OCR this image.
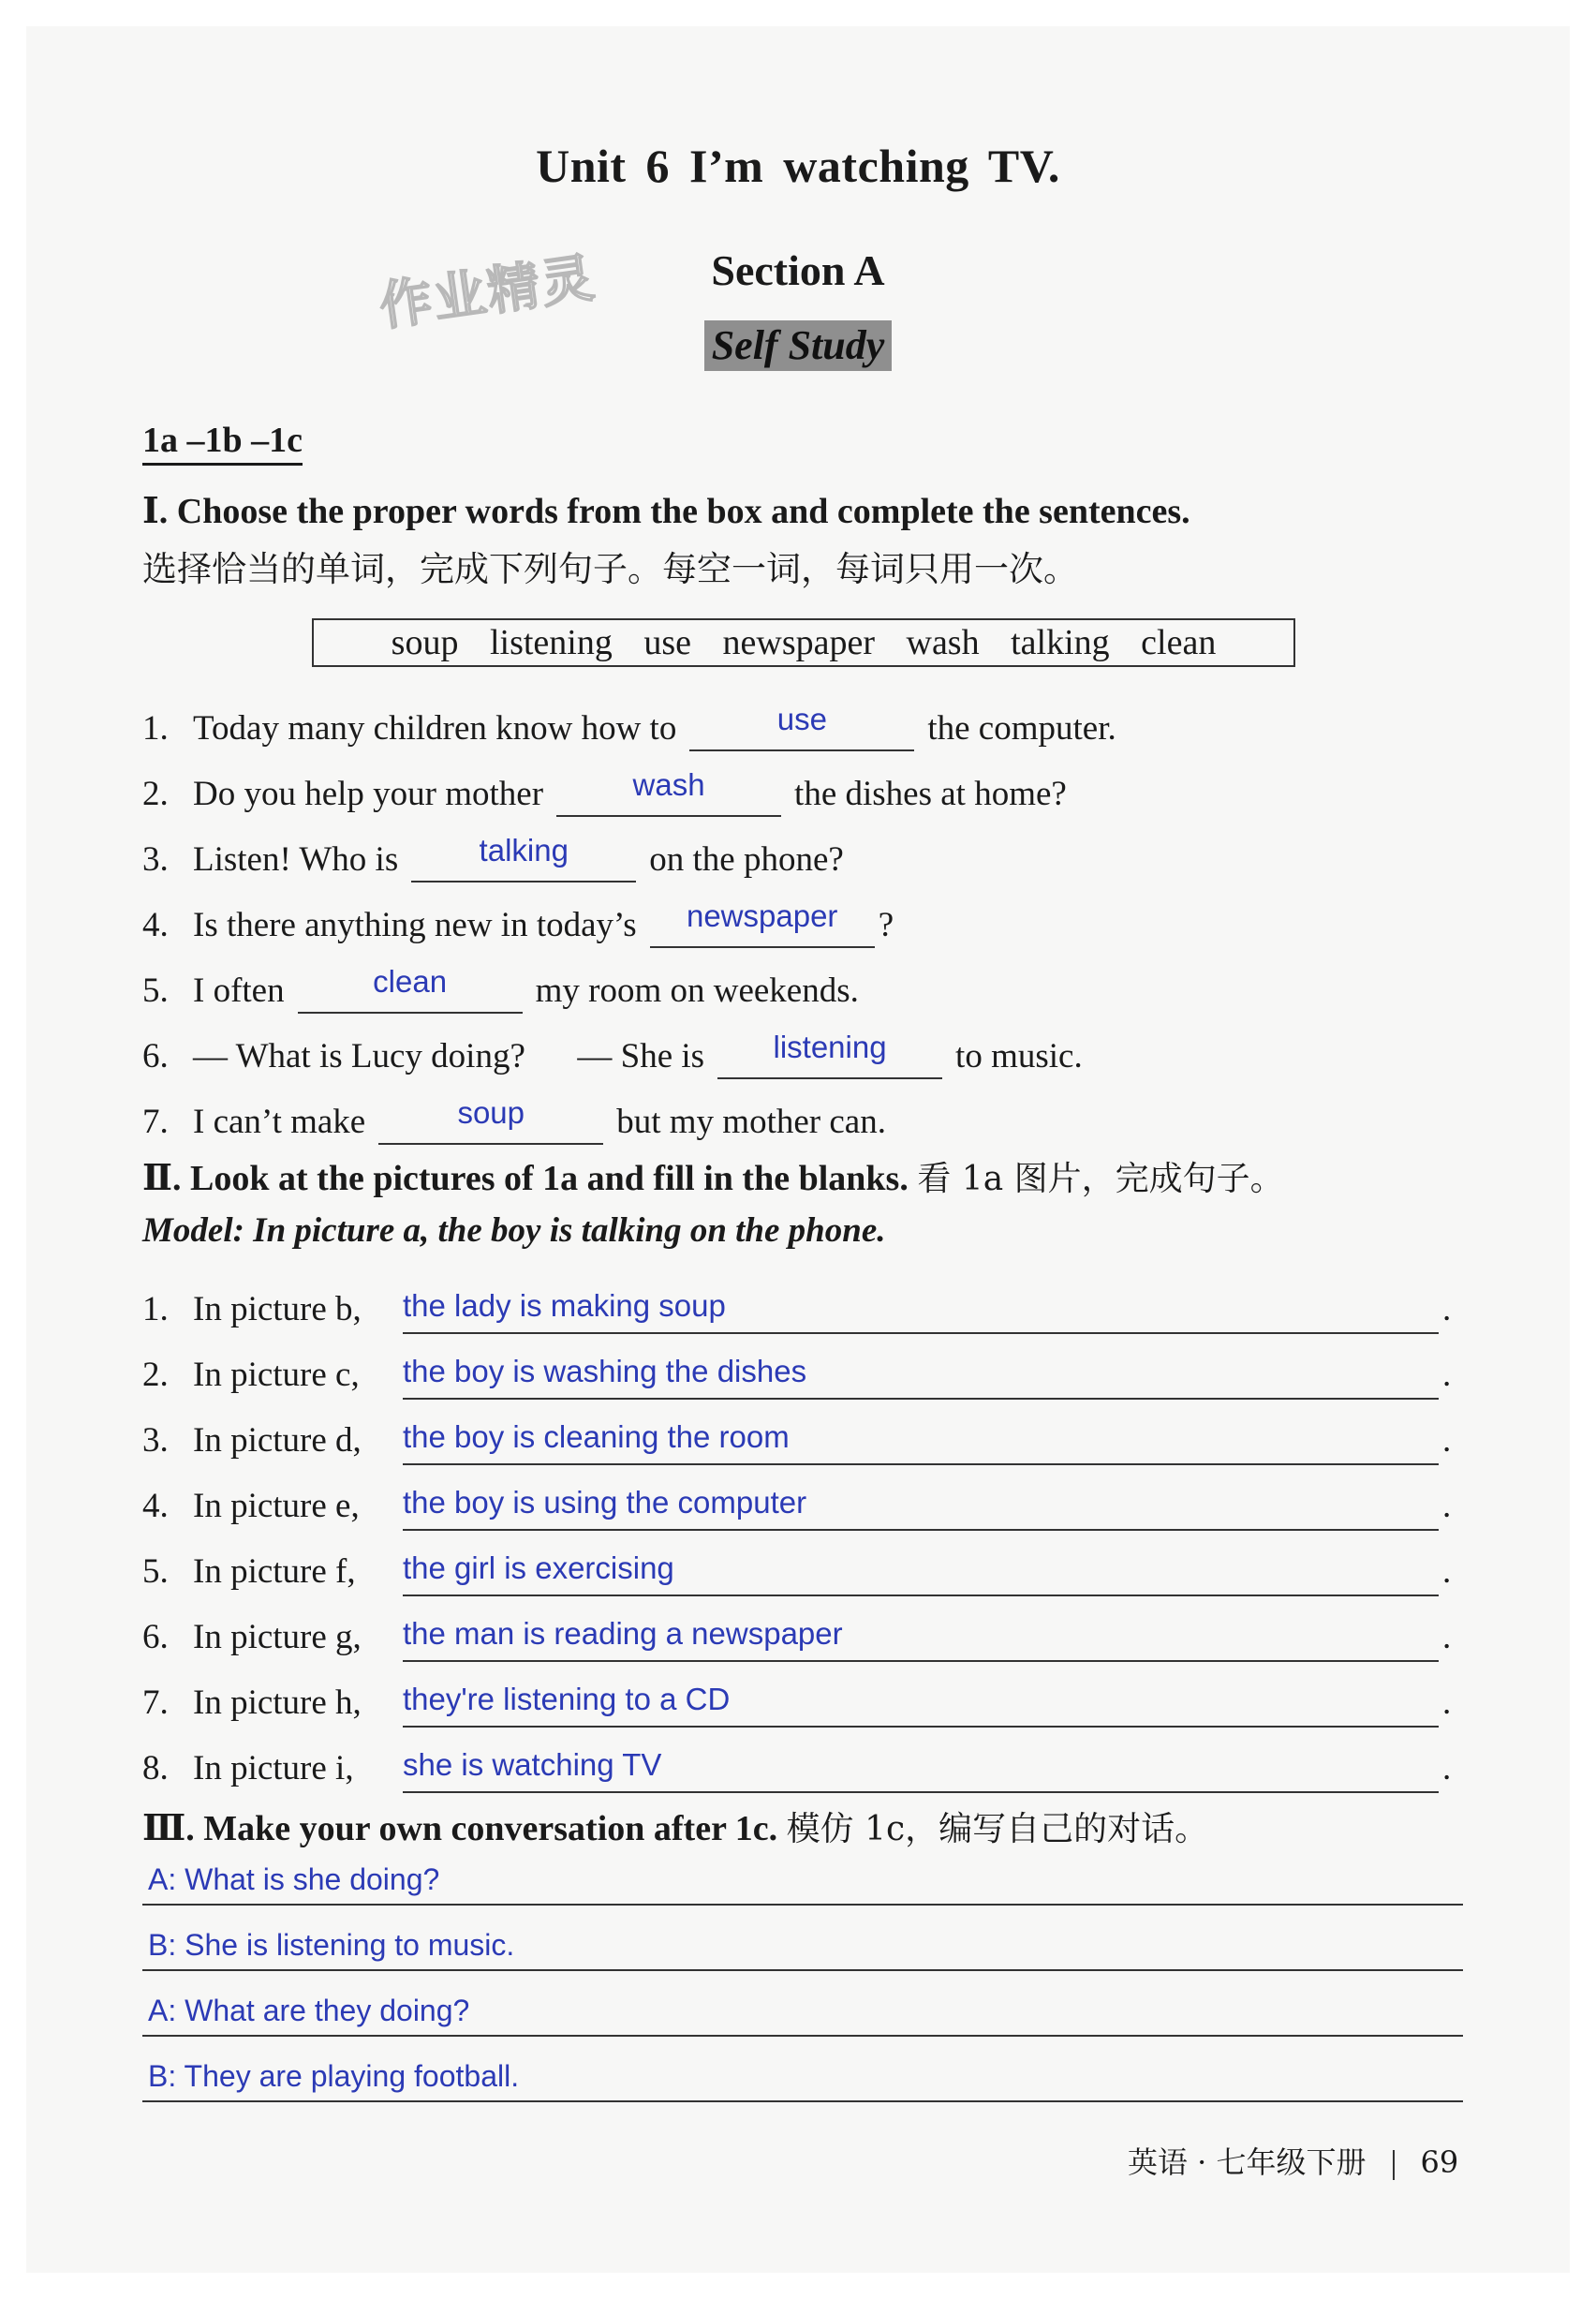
Unit 6 I’m watching TV.
作业精灵	Section A
Self Study
1a –1b –1c
Ⅰ. Choose the proper words from the box and complete the sentences.
选择恰当的单词，完成下列句子。每空一词，每词只用一次。
soup listening use newspaper wash talking clean
1. Today many children know how to	use	the computer.
2. Do you help your mother	wash	the dishes at home?
3. Listen! Who is	talking	on the phone?
4. Is there anything new in today’s	newspaper	?
5. I often	clean	my room on weekends.
6. — What is Lucy doing?      — She is	listening	to music.
7. I can’t make	soup	but my mother can.
Ⅱ. Look at the pictures of 1a and fill in the blanks. 看 1a 图片，完成句子。
Model: In picture a, the boy is talking on the phone.
1. In picture b, the lady is making soup	.
2. In picture c, the boy is washing the dishes	.
3. In picture d, the boy is cleaning the room	.
4. In picture e, the boy is using the computer	.
5. In picture f, the girl is exercising	.
6. In picture g, the man is reading a newspaper	.
7. In picture h, they're listening to a CD	.
8. In picture i, she is watching TV	.
Ⅲ. Make your own conversation after 1c. 模仿 1c，编写自己的对话。
A: What is she doing?
B: She is listening to music.
A: What are they doing?
B: They are playing football.
英语 · 七年级下册 69
